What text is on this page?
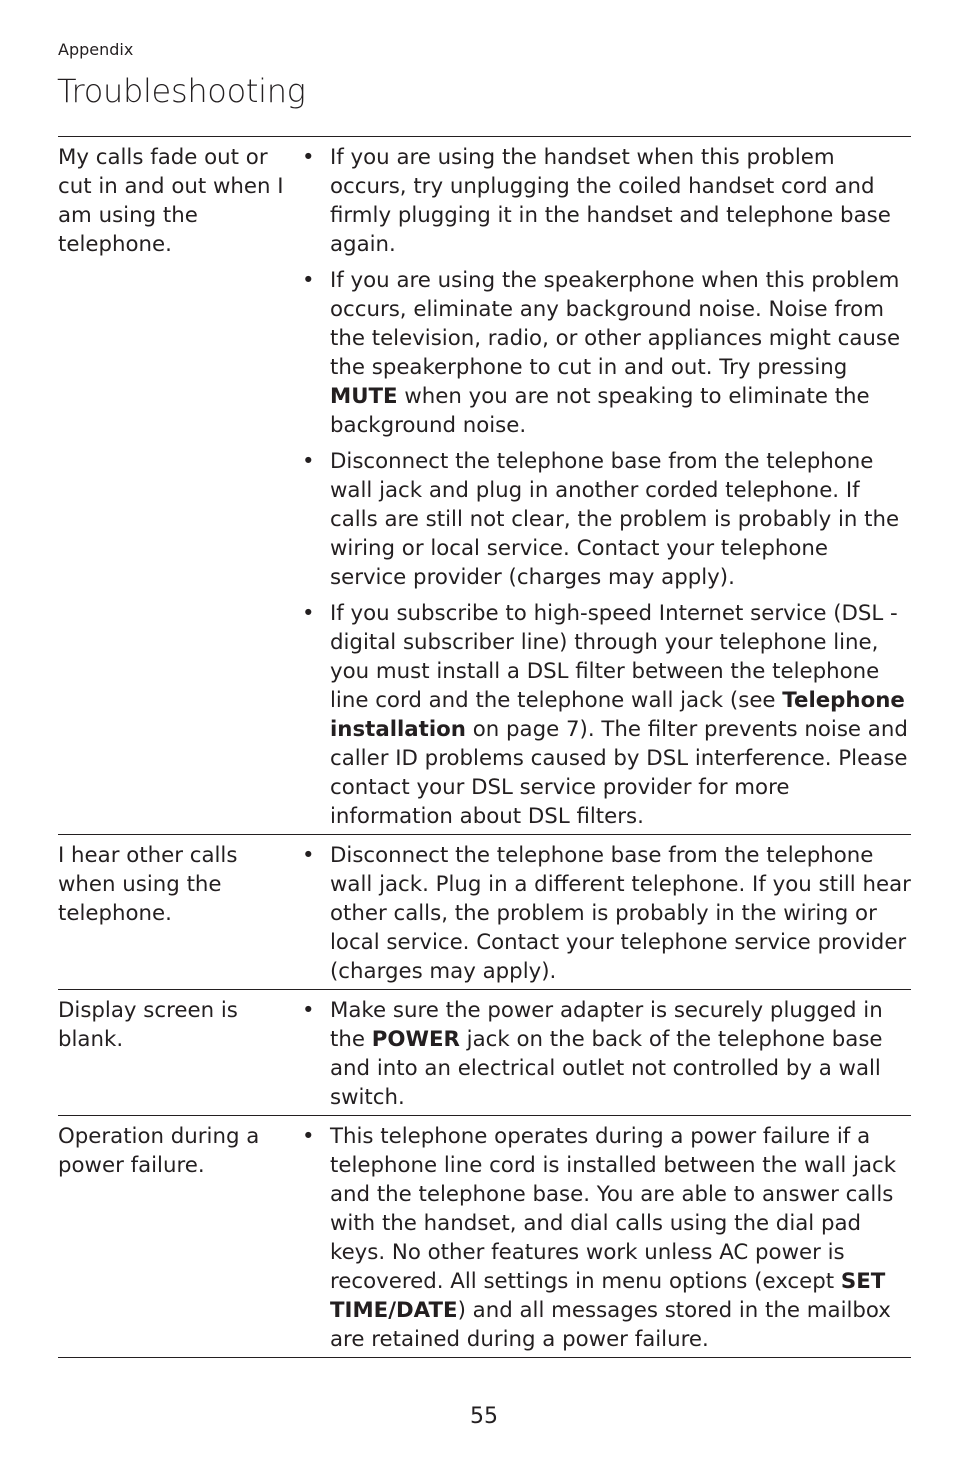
Appendix
Troubleshooting
My calls fade out or cut in and out when I am using the telephone.
• If you are using the handset when this problem occurs, try unplugging the coiled handset cord and firmly plugging it in the handset and telephone base again.
• If you are using the speakerphone when this problem occurs, eliminate any background noise. Noise from the television, radio, or other appliances might cause the speakerphone to cut in and out. Try pressing MUTE when you are not speaking to eliminate the background noise.
• Disconnect the telephone base from the telephone wall jack and plug in another corded telephone. If calls are still not clear, the problem is probably in the wiring or local service. Contact your telephone service provider (charges may apply).
• If you subscribe to high-speed Internet service (DSL - digital subscriber line) through your telephone line, you must install a DSL filter between the telephone line cord and the telephone wall jack (see Telephone installation on page 7). The filter prevents noise and caller ID problems caused by DSL interference. Please contact your DSL service provider for more information about DSL filters.
I hear other calls when using the telephone.
• Disconnect the telephone base from the telephone wall jack. Plug in a different telephone. If you still hear other calls, the problem is probably in the wiring or local service. Contact your telephone service provider (charges may apply).
Display screen is blank.
• Make sure the power adapter is securely plugged in the POWER jack on the back of the telephone base and into an electrical outlet not controlled by a wall switch.
Operation during a power failure.
• This telephone operates during a power failure if a telephone line cord is installed between the wall jack and the telephone base. You are able to answer calls with the handset, and dial calls using the dial pad keys. No other features work unless AC power is recovered. All settings in menu options (except SET TIME/DATE) and all messages stored in the mailbox are retained during a power failure.
55
